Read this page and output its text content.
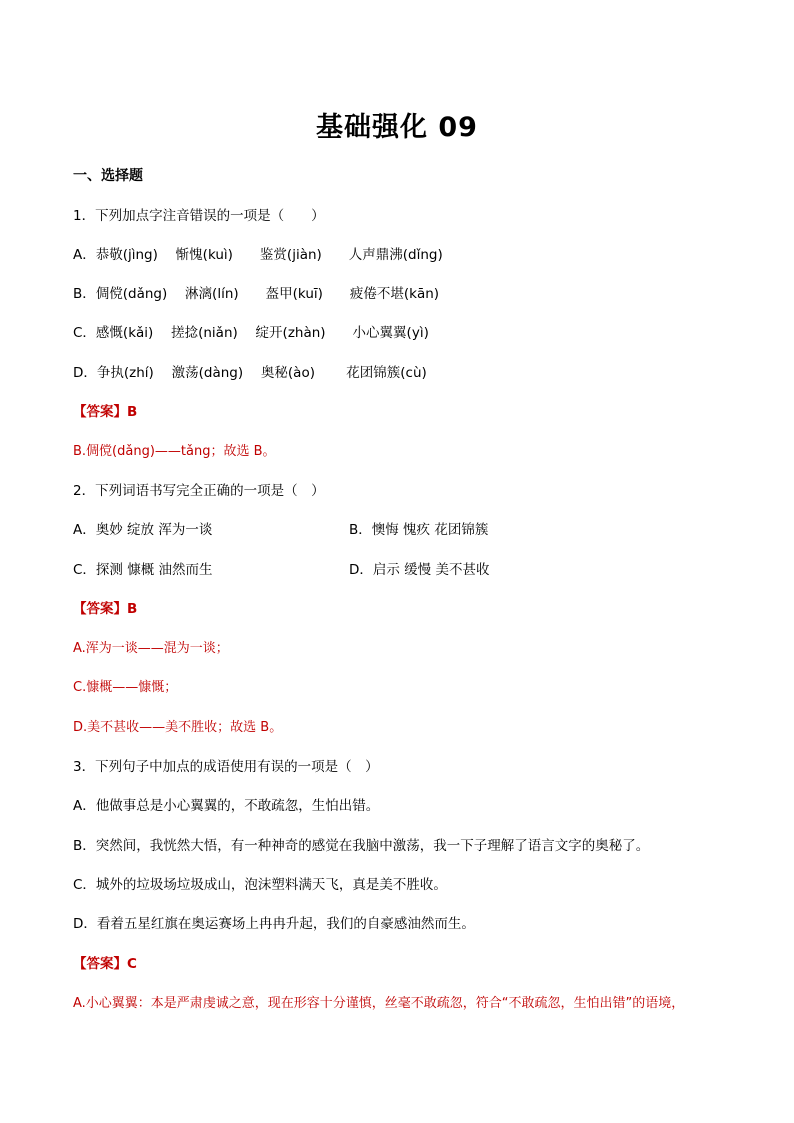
基础强化 09
一、选择题
1．下列加点字注音错误的一项是（　　）
A．恭敬(jìng)　 惭愧(kuì)　　鉴赏(jiàn)　　人声鼎沸(dǐng)
B．倜傥(dǎng)　 淋漓(lín)　　盔甲(kuī)　　疲倦不堪(kān)
C．感慨(kǎi)　 搓捻(niǎn)　 绽开(zhàn)　　小心翼翼(yì)
D．争执(zhí)　 激荡(dàng)　 奥秘(ào)　　 花团锦簇(cù)
【答案】B
B.倜傥(dǎng)——tǎng；故选 B。
2．下列词语书写完全正确的一项是（　）
A．奥妙 绽放 浑为一谈	B．懊悔 愧疚 花团锦簇
C．探测 慷概 油然而生	D．启示 缓慢 美不甚收
【答案】B
A.浑为一谈——混为一谈；
C.慷概——慷慨；
D.美不甚收——美不胜收；故选 B。
3．下列句子中加点的成语使用有误的一项是（　）
A．他做事总是小心翼翼的，不敢疏忽，生怕出错。
B．突然间，我恍然大悟，有一种神奇的感觉在我脑中激荡，我一下子理解了语言文字的奥秘了。
C．城外的垃圾场垃圾成山，泡沫塑料满天飞，真是美不胜收。
D．看着五星红旗在奥运赛场上冉冉升起，我们的自豪感油然而生。
【答案】C
A.小心翼翼：本是严肃虔诚之意，现在形容十分谨慎，丝毫不敢疏忽，符合“不敢疏忽，生怕出错”的语境，
